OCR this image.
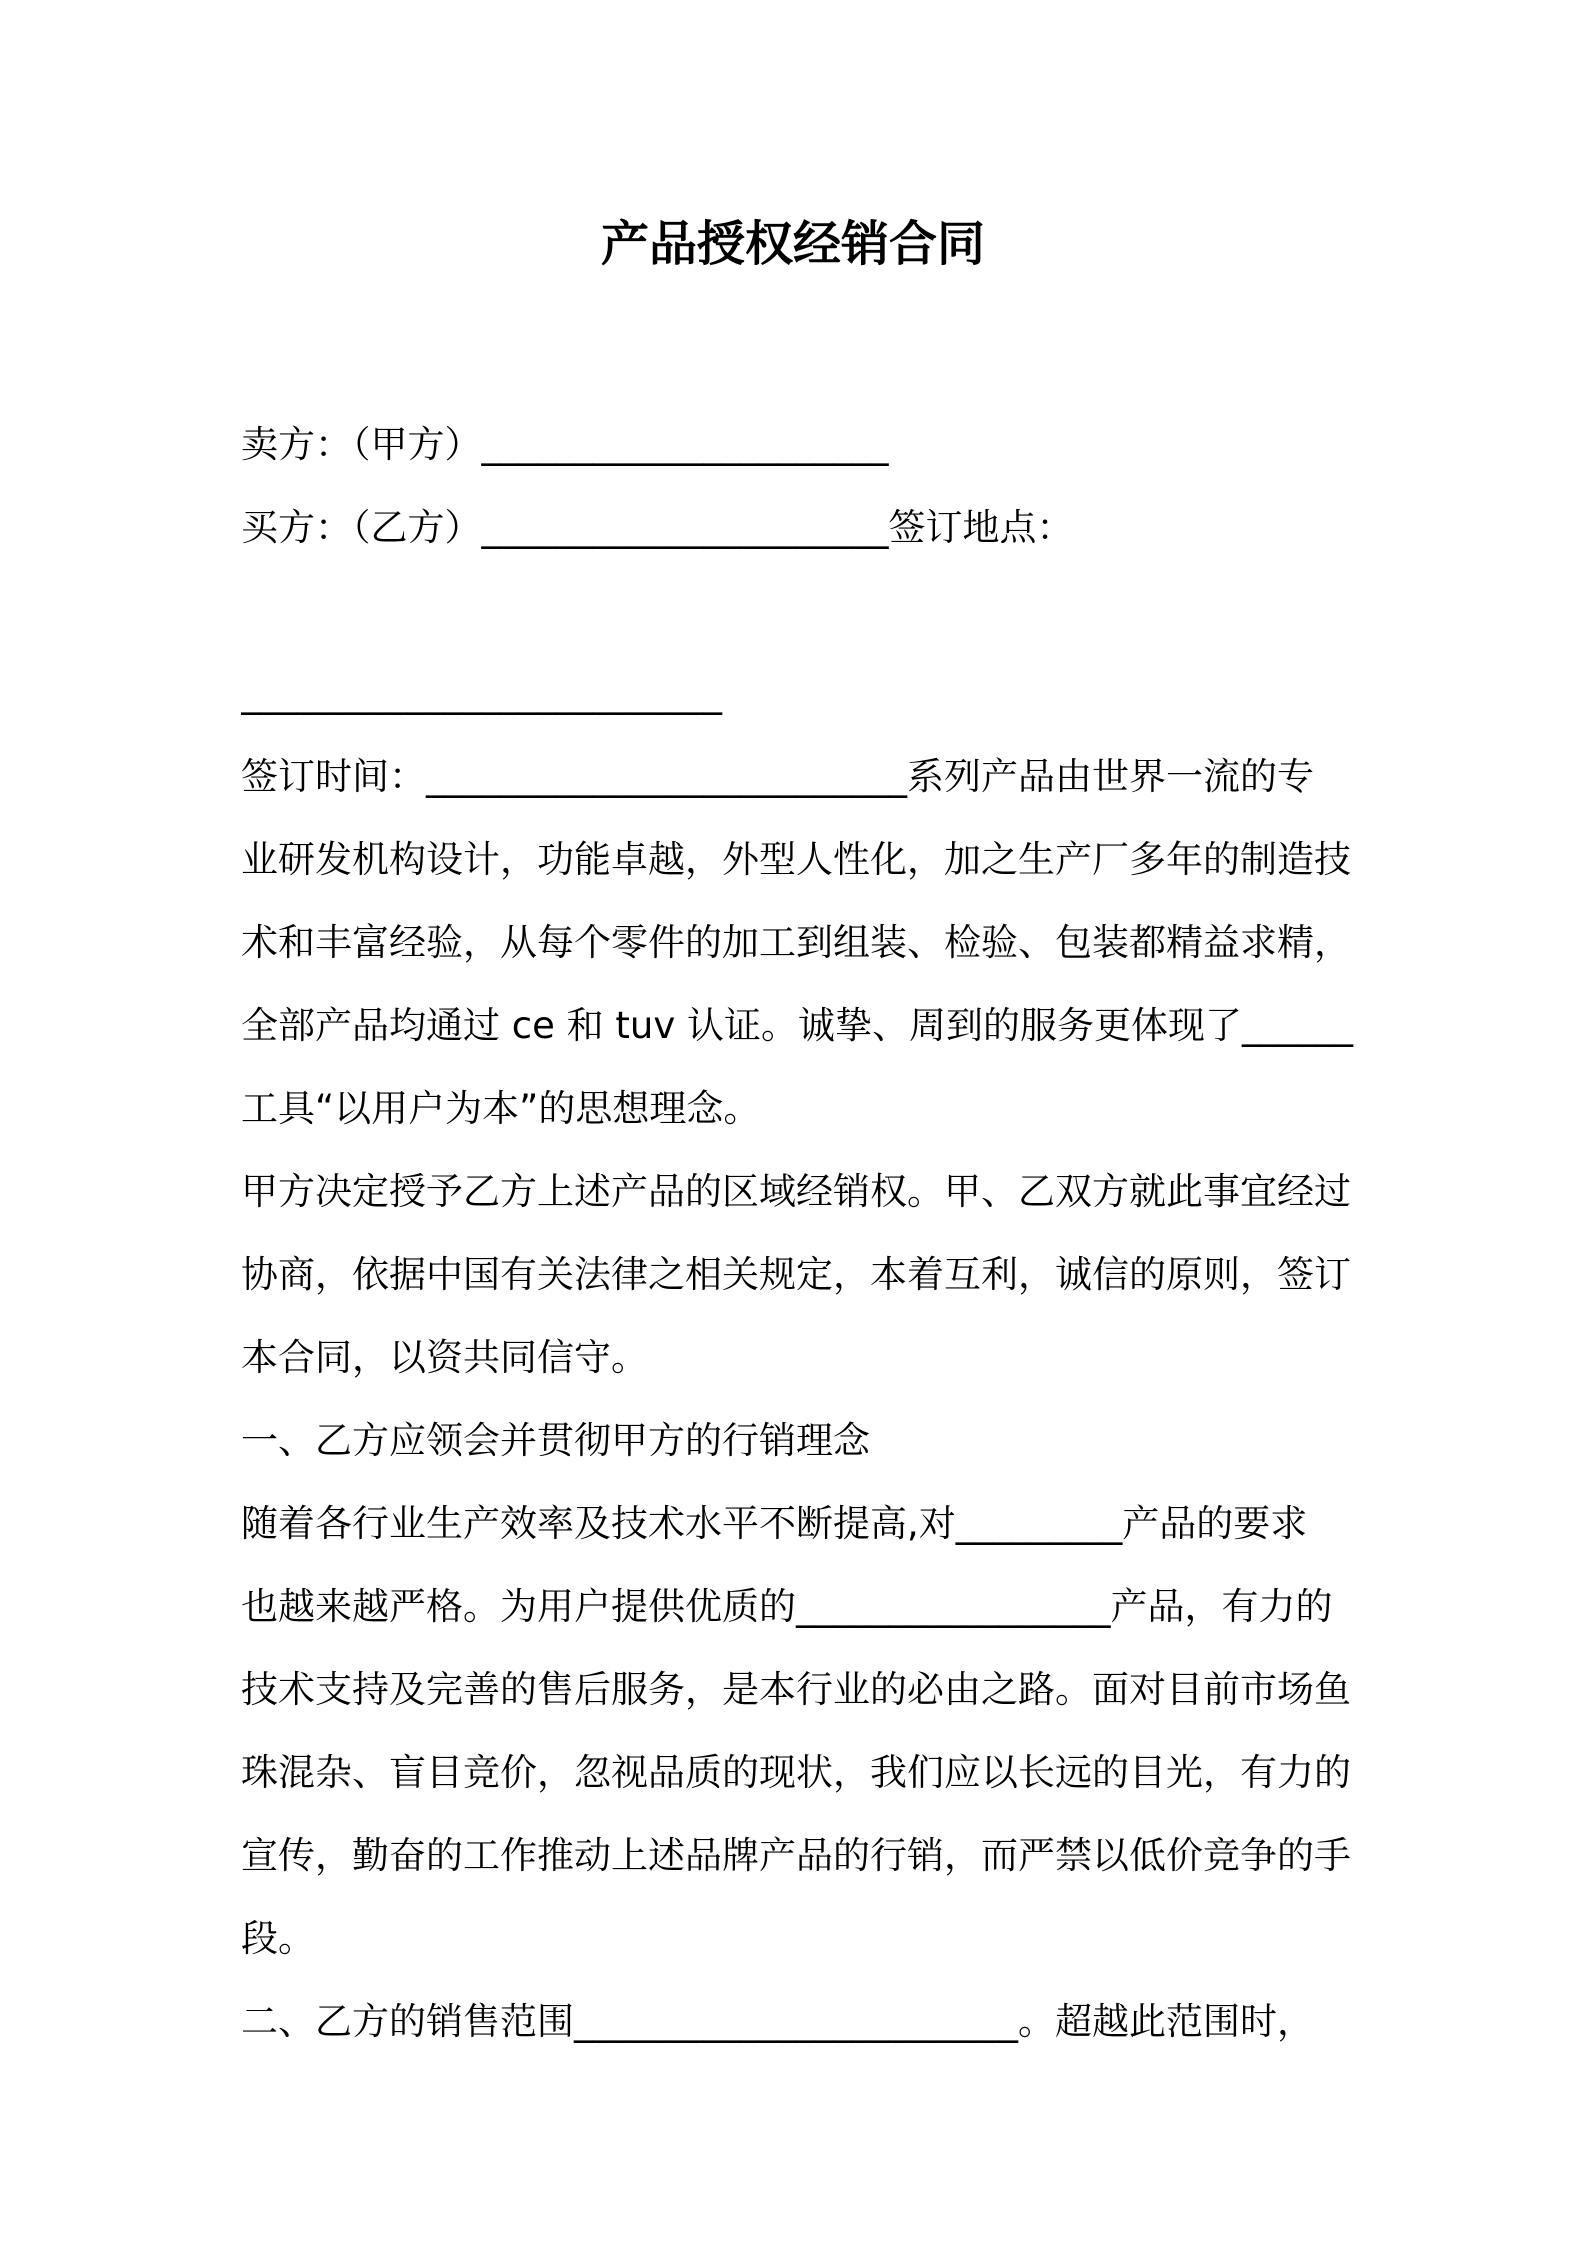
产品授权经销合同
卖方：（甲方）______________________
买方：（乙方）______________________签订地点：
__________________________
签订时间：__________________________系列产品由世界一流的专
业研发机构设计，功能卓越，外型人性化，加之生产厂多年的制造技
术和丰富经验，从每个零件的加工到组装、检验、包装都精益求精，
全部产品均通过 ce 和 tuv 认证。诚挚、周到的服务更体现了______
工具“以用户为本”的思想理念。
甲方决定授予乙方上述产品的区域经销权。甲、乙双方就此事宜经过
协商，依据中国有关法律之相关规定，本着互利，诚信的原则，签订
本合同，以资共同信守。
一、乙方应领会并贯彻甲方的行销理念
随着各行业生产效率及技术水平不断提高,对_________产品的要求
也越来越严格。为用户提供优质的_________________产品，有力的
技术支持及完善的售后服务，是本行业的必由之路。面对目前市场鱼
珠混杂、盲目竞价，忽视品质的现状，我们应以长远的目光，有力的
宣传，勤奋的工作推动上述品牌产品的行销，而严禁以低价竞争的手
段。
二、乙方的销售范围________________________。超越此范围时，
